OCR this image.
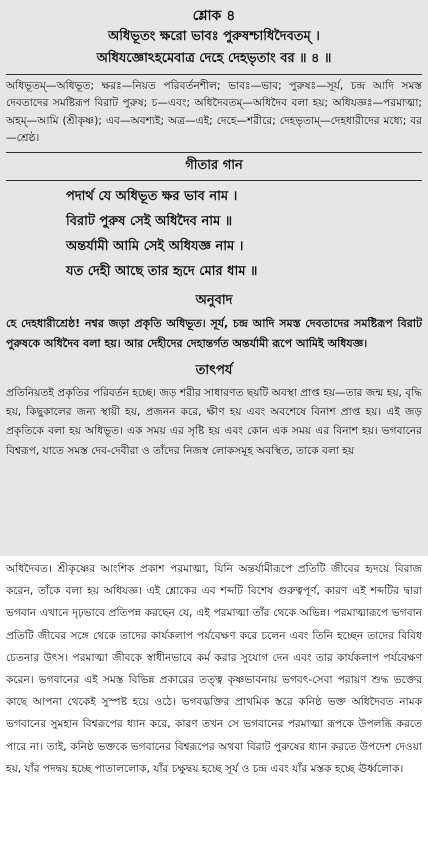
শ্লোক ৪

অধিভূতং ক্ষরো ভাবঃ পুরুষশ্চাধিদৈবতম্ ।

অধিযজ্ঞোঽহমেবাত্র দেহে দেহভৃতাং বর ॥ ৪ ॥

অধিভূতম্—অধিভূত; ক্ষরঃ—নিয়ত পরিবর্তনশীল; ভাবঃ—ভাব; পুরুষঃ—সূর্য, চন্দ্র আদি সমস্ত দেবতাদের সমষ্টিরূপ বিরাট পুরুষ; চ—এবং; অধিদৈবতম্—অধিদৈব বলা হয়; অধিযজ্ঞঃ—পরমাত্মা; অহম্—আমি (শ্রীকৃষ্ণ); এব—অবশ্যই; অত্র—এই; দেহে—শরীরে; দেহভৃতাম্—দেহধারীদের মধ্যে; বর—শ্রেষ্ঠ।

গীতার গান

পদার্থ যে অধিভূত ক্ষর ভাব নাম ।

বিরাট পুরুষ সেই অধিদৈব নাম ॥

অন্তর্যামী আমি সেই অধিযজ্ঞ নাম ।

যত দেহী আছে তার হৃদে মোর ধাম ॥

অনুবাদ

হে দেহধারীশ্রেষ্ঠ! নশ্বর জড়া প্রকৃতি অধিভূত। সূর্য, চন্দ্র আদি সমস্ত দেবতাদের সমষ্টিরূপ বিরাট পুরুষকে অধিদৈব বলা হয়। আর দেহীদের দেহান্তর্গত অন্তর্যামী রূপে আমিই অধিযজ্ঞ।

তাৎপর্য

প্রতিনিয়তই প্রকৃতির পরিবর্তন হচ্ছে। জড় শরীর সাধারণত ছয়টি অবস্থা প্রাপ্ত হয়—তার জন্ম হয়, বৃদ্ধি হয়, কিছুকালের জন্য স্থায়ী হয়, প্রজনন করে, ক্ষীণ হয় এবং অবশেষে বিনাশ প্রাপ্ত হয়। এই জড় প্রকৃতিকে বলা হয় অধিভূত। এক সময় এর সৃষ্টি হয় এবং কোন এক সময় এর বিনাশ হয়। ভগবানের বিশ্বরূপ, যাতে সমস্ত দেব-দেবীরা ও তাঁদের নিজস্ব লোকসমূহ অবস্থিত, তাকে বলা হয়

অধিদৈবত। শ্রীকৃষ্ণের আংশিক প্রকাশ পরমাত্মা, যিনি অন্তর্যামীরূপে প্রতিটি জীবের হৃদয়ে বিরাজ করেন, তাঁকে বলা হয় অধিযজ্ঞ। এই শ্লোকের এব শব্দটি বিশেষ গুরুত্বপূর্ণ, কারণ এই শব্দটির দ্বারা ভগবান এখানে দৃঢ়ভাবে প্রতিপন্ন করছেন যে, এই পরমাত্মা তাঁর থেকে অভিন্ন। পরমাত্মারূপে ভগবান প্রতিটি জীবের সঙ্গে থেকে তাদের কার্যকলাপ পর্যবেক্ষণ করে চলেন এবং তিনি হচ্ছেন তাদের বিবিধ চেতনার উৎস। পরমাত্মা জীবকে স্বাধীনভাবে কর্ম করার সুযোগ দেন এবং তার কার্যকলাপ পর্যবেক্ষণ করেন। ভগবানের এই সমস্ত বিভিন্ন প্রকারের তত্ত্ব কৃষ্ণভাবনায় ভগবৎ-সেবা পরায়ণ শুদ্ধ ভক্তের কাছে আপনা থেকেই সুস্পষ্ট হয়ে ওঠে। ভগবদ্ভক্তির প্রাথমিক স্তরে কনিষ্ঠ ভক্ত অধিদৈবত নামক ভগবানের সুমহান বিশ্বরূপের ধ্যান করে, কারণ তখন সে ভগবানের পরমাত্মা রূপকে উপলব্ধি করতে পারে না। তাই, কনিষ্ঠ ভক্তকে ভগবানের বিশ্বরূপের অথবা বিরাট পুরুষের ধ্যান করতে উপদেশ দেওয়া হয়, যাঁর পদদ্বয় হচ্ছে পাতাললোক, যাঁর চক্ষুদ্বয় হচ্ছে সূর্য ও চন্দ্র এবং যাঁর মস্তক হচ্ছে ঊর্ধ্বলোক।
